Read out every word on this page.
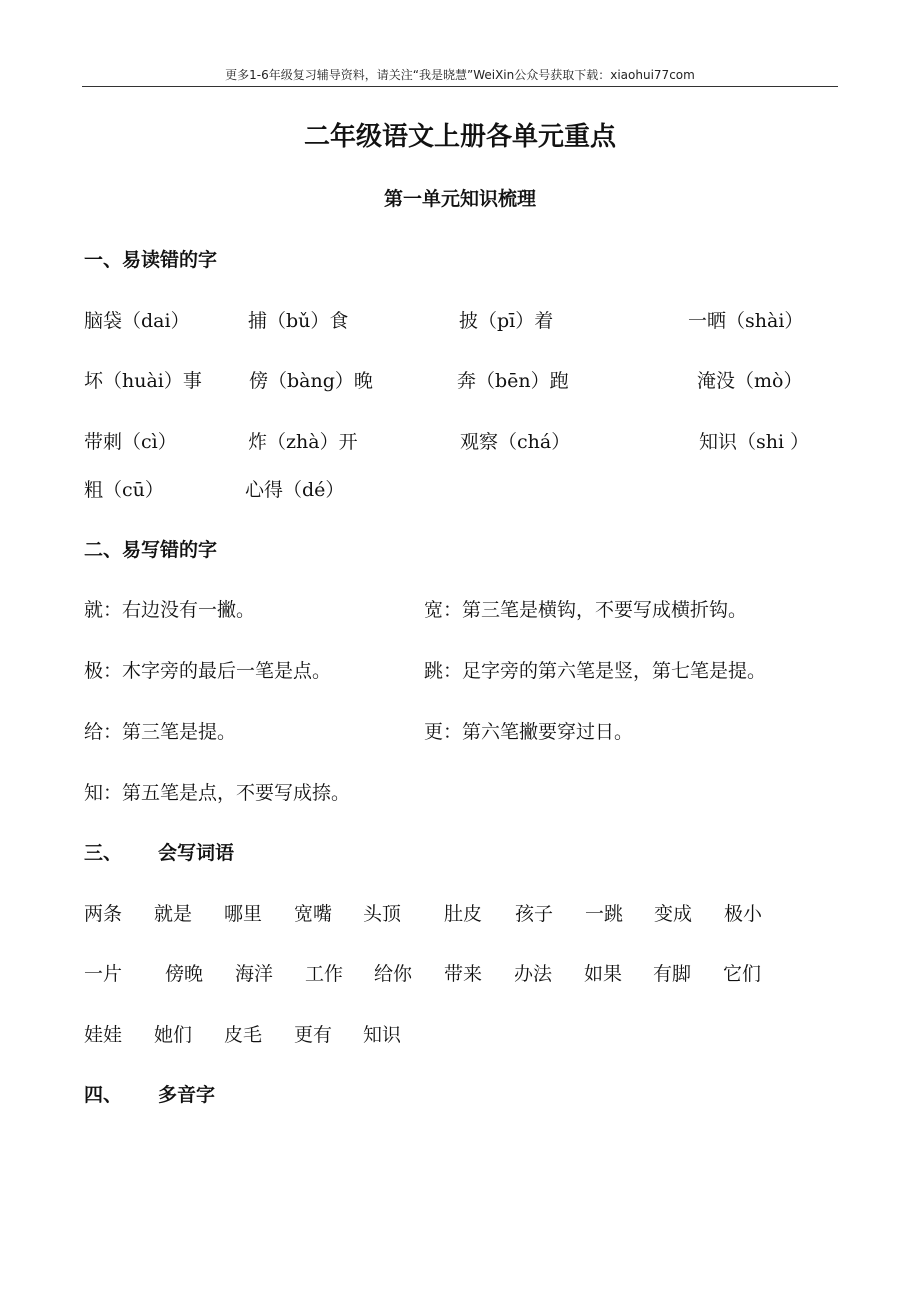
更多1-6年级复习辅导资料，请关注“我是晓慧”WeiXin公众号获取下载：xiaohui77com
二年级语文上册各单元重点
第一单元知识梳理
一、易读错的字
脑袋（dai）	捕（bǔ）食	披（pī）着	一晒（shài）
坏（huài）事 傍（bàng）晚	奔（bēn）跑	淹没（mò）
带刺（cì）	炸（zhà）开	观察（chá）	知识（shi ）
粗（cū）	心得（dé）
二、易写错的字
就：右边没有一撇。	宽：第三笔是横钩，不要写成横折钩。
极：木字旁的最后一笔是点。	跳：足字旁的第六笔是竖，第七笔是提。
给：第三笔是提。	更：第六笔撇要穿过日。
知：第五笔是点，不要写成捺。
三、 会写词语
两条 就是 哪里 宽嘴 头顶 肚皮 孩子 一跳 变成 极小
一片 傍晚 海洋 工作 给你 带来 办法 如果 有脚 它们
娃娃 她们 皮毛 更有 知识
四、 多音字
